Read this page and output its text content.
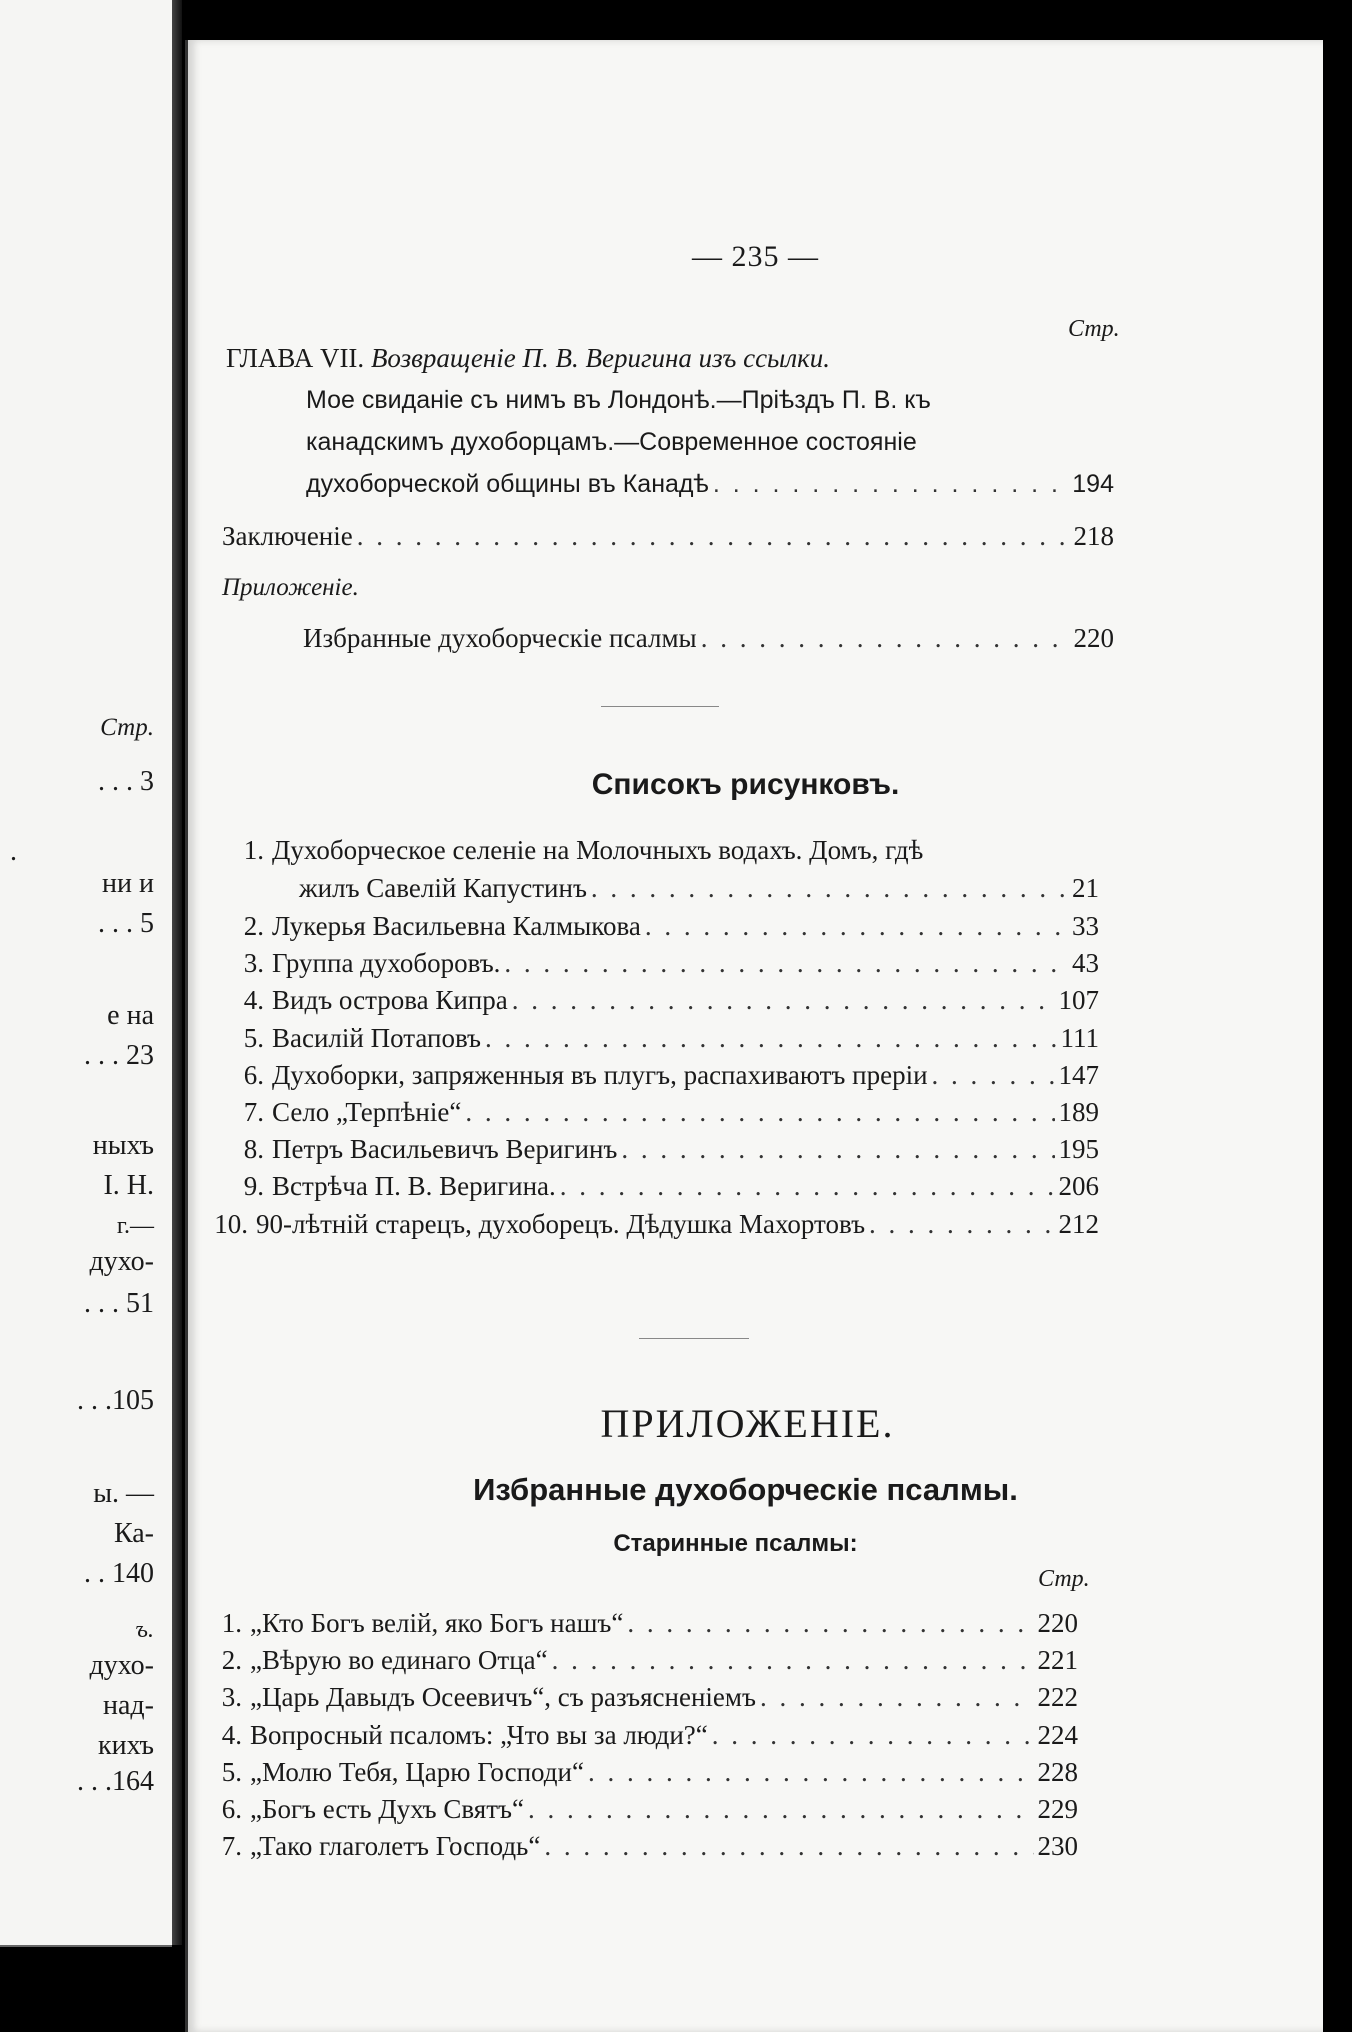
Стр.
. . . 3
.
ни и
. . . 5
е на
. . . 23
ныхъ
I. Н.
г.—
духо-
. . . 51
. . .105
ы. —
Ка-
. . 140
ъ.
духо-
над-
кихъ
. . .164
— 235 —
Стр.
ГЛАВА VII. Возвращеніе П. В. Веригина изъ ссылки.
Мое свиданіе съ нимъ въ Лондонѣ.—Пріѣздъ П. В. къ
канадскимъ духоборцамъ.—Современное состояніе
духоборческой общины въ Канадѣ . . .	194
Заключеніе . . .	218
Приложеніе.
Избранные духоборческіе псалмы . . .	220
Списокъ рисунковъ.
1. Духоборческое селеніе на Молочныхъ водахъ. Домъ, гдѣ
жилъ Савелій Капустинъ . . .	21
2. Лукерья Васильевна Калмыкова . . .	33
3. Группа духоборовъ. . . .	43
4. Видъ острова Кипра . . .	107
5. Василій Потаповъ . . .	111
6. Духоборки, запряженныя въ плугъ, распахиваютъ преріи . . .	147
7. Село „Терпѣніе“ . . .	189
8. Петръ Васильевичъ Веригинъ . . .	195
9. Встрѣча П. В. Веригина. . . .	206
10. 90-лѣтній старецъ, духоборецъ. Дѣдушка Махортовъ . . .	212
ПРИЛОЖЕНІЕ.
Избранные духоборческіе псалмы.
Старинные псалмы:
Стр.
1. „Кто Богъ велій, яко Богъ нашъ“ . . .	220
2. „Вѣрую во единаго Отца“ . . .	221
3. „Царь Давыдъ Осеевичъ“, съ разъясненіемъ . . .	222
4. Вопросный псаломъ: „Что вы за люди?“ . . .	224
5. „Молю Тебя, Царю Господи“ . . .	228
6. „Богъ есть Духъ Святъ“ . . .	229
7. „Тако глаголетъ Господь“ . . .	230
